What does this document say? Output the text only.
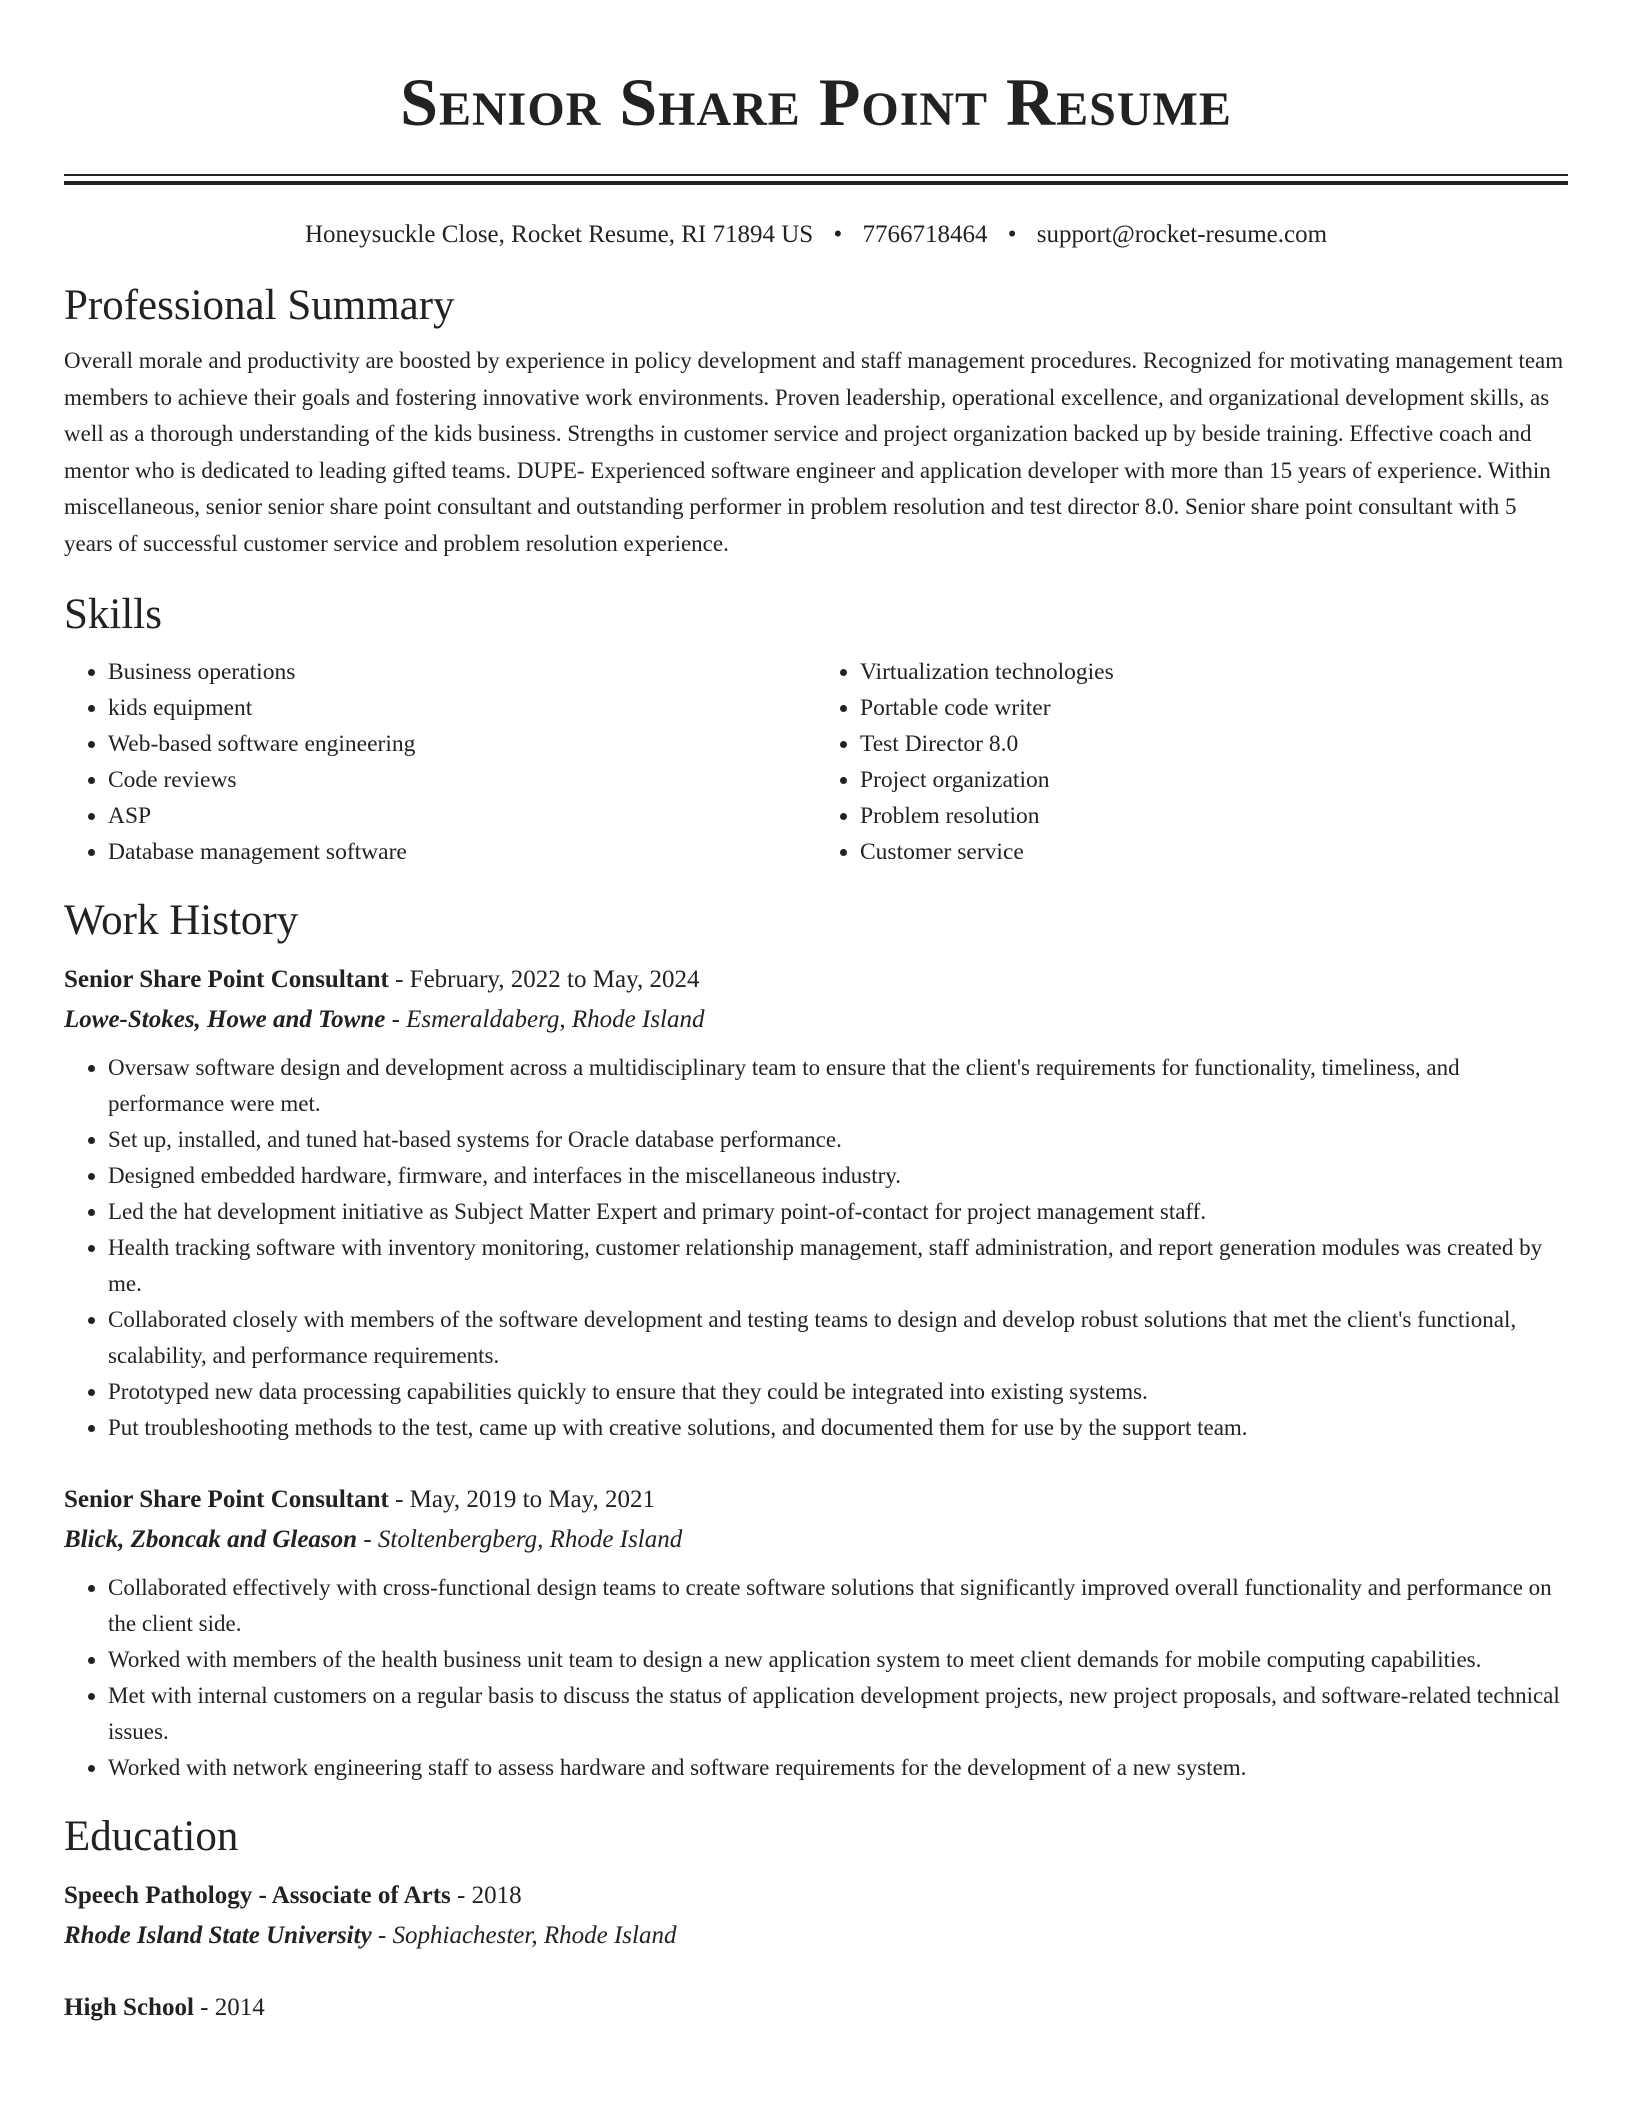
Senior Share Point Resume
Honeysuckle Close, Rocket Resume, RI 71894 US • 7766718464 • support@rocket-resume.com
Professional Summary
Overall morale and productivity are boosted by experience in policy development and staff management procedures. Recognized for motivating management team members to achieve their goals and fostering innovative work environments. Proven leadership, operational excellence, and organizational development skills, as well as a thorough understanding of the kids business. Strengths in customer service and project organization backed up by beside training. Effective coach and mentor who is dedicated to leading gifted teams. DUPE- Experienced software engineer and application developer with more than 15 years of experience. Within miscellaneous, senior senior share point consultant and outstanding performer in problem resolution and test director 8.0. Senior share point consultant with 5 years of successful customer service and problem resolution experience.
Skills
• Business operations
• kids equipment
• Web-based software engineering
• Code reviews
• ASP
• Database management software
• Virtualization technologies
• Portable code writer
• Test Director 8.0
• Project organization
• Problem resolution
• Customer service
Work History
Senior Share Point Consultant - February, 2022 to May, 2024
Lowe-Stokes, Howe and Towne - Esmeraldaberg, Rhode Island
• Oversaw software design and development across a multidisciplinary team to ensure that the client's requirements for functionality, timeliness, and performance were met.
• Set up, installed, and tuned hat-based systems for Oracle database performance.
• Designed embedded hardware, firmware, and interfaces in the miscellaneous industry.
• Led the hat development initiative as Subject Matter Expert and primary point-of-contact for project management staff.
• Health tracking software with inventory monitoring, customer relationship management, staff administration, and report generation modules was created by me.
• Collaborated closely with members of the software development and testing teams to design and develop robust solutions that met the client's functional, scalability, and performance requirements.
• Prototyped new data processing capabilities quickly to ensure that they could be integrated into existing systems.
• Put troubleshooting methods to the test, came up with creative solutions, and documented them for use by the support team.
Senior Share Point Consultant - May, 2019 to May, 2021
Blick, Zboncak and Gleason - Stoltenbergberg, Rhode Island
• Collaborated effectively with cross-functional design teams to create software solutions that significantly improved overall functionality and performance on the client side.
• Worked with members of the health business unit team to design a new application system to meet client demands for mobile computing capabilities.
• Met with internal customers on a regular basis to discuss the status of application development projects, new project proposals, and software-related technical issues.
• Worked with network engineering staff to assess hardware and software requirements for the development of a new system.
Education
Speech Pathology - Associate of Arts - 2018
Rhode Island State University - Sophiachester, Rhode Island
High School - 2014
